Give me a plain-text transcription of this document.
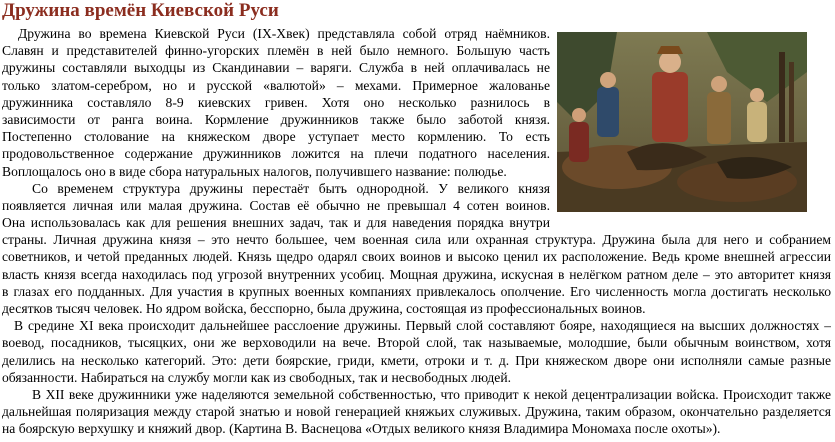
Дружина времён Киевской Руси
Дружина во времена Киевской Руси (IX-Xвек) представляла собой отряд наёмников.
Славян и представителей финно-угорских племён в ней было немного. Большую часть
дружины составляли выходцы из Скандинавии – варяги. Служба в ней оплачивалась не
только златом-серебром, но и русской «валютой» – мехами. Примерное жалованье
дружинника составляло 8-9 киевских гривен. Хотя оно несколько разнилось в
зависимости от ранга воина. Кормление дружинников также было заботой князя.
Постепенно столование на княжеском дворе уступает место кормлению. То есть
продовольственное содержание дружинников ложится на плечи податного населения.
Воплощалось оно в виде сбора натуральных налогов, получившего название: полюдье.
Со временем структура дружины перестаёт быть однородной. У великого князя
появляется личная или малая дружина. Состав её обычно не превышал 4 сотен воинов.
Она использовалась как для решения внешних задач, так и для наведения порядка внутри
страны. Личная дружина князя – это нечто большее, чем военная сила или охранная структура. Дружина была для него и собранием
советников, и четой преданных людей. Князь щедро одарял своих воинов и высоко ценил их расположение. Ведь кроме внешней агрессии
власть князя всегда находилась под угрозой внутренних усобиц. Мощная дружина, искусная в нелёгком ратном деле – это авторитет князя
в глазах его подданных. Для участия в крупных военных компаниях привлекалось ополчение. Его численность могла достигать несколько
десятков тысяч человек. Но ядром войска, бесспорно, была дружина, состоящая из профессиональных воинов.
В средине XI века происходит дальнейшее расслоение дружины. Первый слой составляют бояре, находящиеся на высших должностях –
воевод, посадников, тысяцких, они же верховодили на вече. Второй слой, так называемые, молодшие, были обычным воинством, хотя
делились на несколько категорий. Это: дети боярские, гриди, кмети, отроки и т. д. При княжеском дворе они исполняли самые разные
обязанности. Набираться на службу могли как из свободных, так и несвободных людей.
В XII веке дружинники уже наделяются земельной собственностью, что приводит к некой децентрализации войска. Происходит также
дальнейшая поляризация между старой знатью и новой генерацией княжьих служивых. Дружина, таким образом, окончательно разделяется
на боярскую верхушку и княжий двор. (Картина В. Васнецова «Отдых великого князя Владимира Мономаха после охоты»).
